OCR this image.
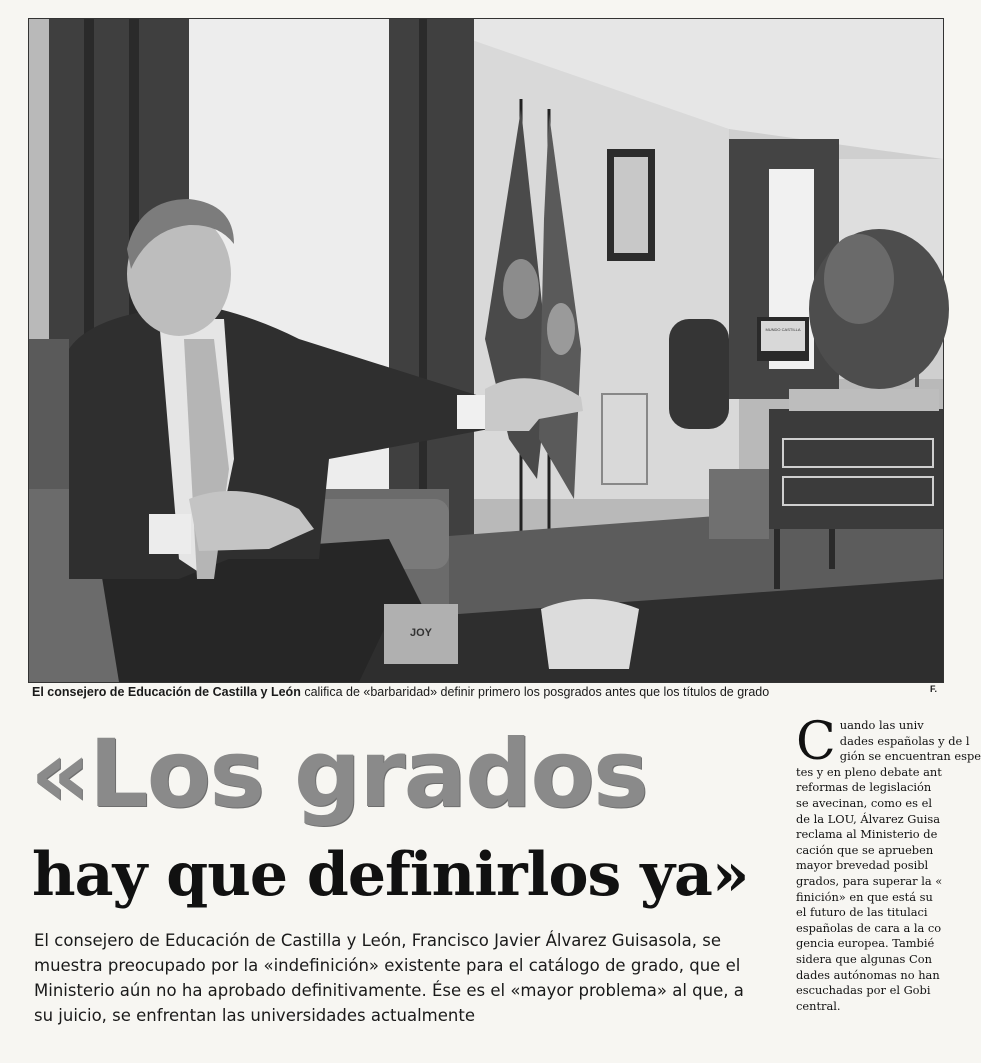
MUNDO CASTILLA
JOY
El consejero de Educación de Castilla y León califica de «barbaridad» definir primero los posgrados antes que los títulos de grado	F.
«Los grados
hay que definirlos ya»
El consejero de Educación de Castilla y León, Francisco Javier Álvarez Guisasola, se muestra preocupado por la «indefinición» existente para el catálogo de grado, que el Ministerio aún no ha aprobado definitivamente. Ése es el «mayor problema» al que, a su juicio, se enfrentan las universidades actualmente
C uando las univ
dades españolas y de l
gión se encuentran espe
tes y en pleno debate ant
reformas de legislación
se avecinan, como es el
de la LOU, Álvarez Guisa
reclama al Ministerio de
cación que se aprueben
mayor brevedad posibl
grados, para superar la «
finición» en que está su
el futuro de las titulaci
españolas de cara a la co
gencia europea. Tambié
sidera que algunas Con
dades autónomas no han
escuchadas por el Gobi
central.
